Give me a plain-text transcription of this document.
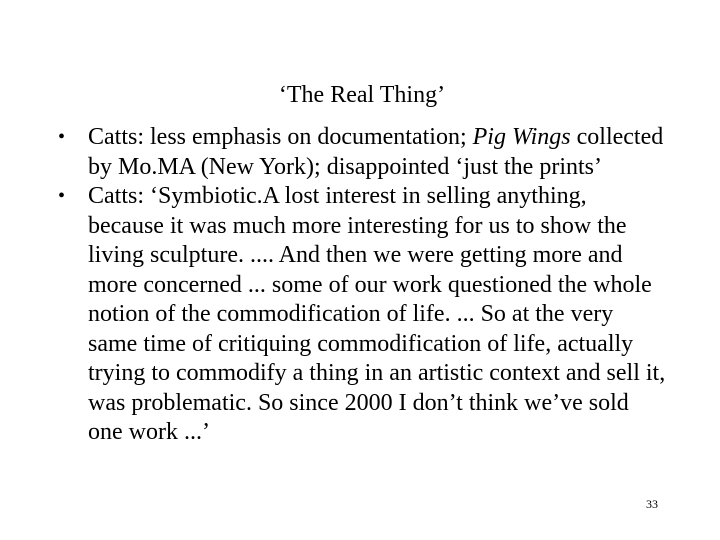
‘The Real Thing’
• Catts: less emphasis on documentation; Pig Wings collected by Mo.MA (New York); disappointed ‘just the prints’
• Catts: ‘Symbiotic.A lost interest in selling anything, because it was much more interesting for us to show the living sculpture. .... And then we were getting more and more concerned ... some of our work questioned the whole notion of the commodification of life. ... So at the very same time of critiquing commodification of life, actually trying to commodify a thing in an artistic context and sell it, was problematic. So since 2000 I don’t think we’ve sold one work ...’
33
